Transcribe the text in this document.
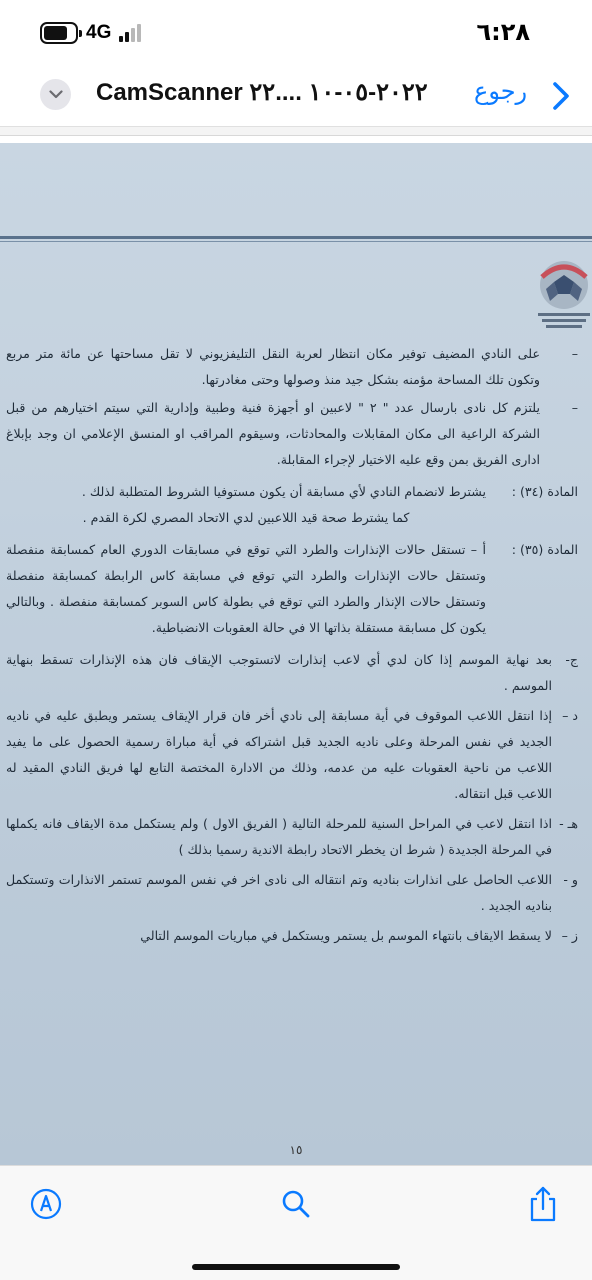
4G	٦:٢٨
CamScanner ٢٠٢٢-٠٥-١٠ ....٢٢ رجوع
–
على النادي المضيف توفير مكان انتظار لعربة النقل التليفزيوني لا تقل مساحتها عن مائة متر مربع وتكون تلك المساحة مؤمنه بشكل جيد منذ وصولها وحتى مغادرتها.
–
يلتزم كل نادى بارسال عدد " ٢ " لاعبين او أجهزة فنية وطبية وإدارية التي سيتم اختيارهم من قبل الشركة الراعية الى مكان المقابلات والمحادثات، وسيقوم المراقب او المنسق الإعلامي ان وجد بإبلاغ ادارى الفريق بمن وقع عليه الاختيار لإجراء المقابلة.
المادة (٣٤) :
يشترط لانضمام النادي لأي مسابقة أن يكون مستوفيا الشروط المتطلبة لذلك .
كما يشترط صحة قيد اللاعبين لدي الاتحاد المصري لكرة القدم .
المادة (٣٥) :
أ – تستقل حالات الإنذارات والطرد التي توقع في مسابقات الدوري العام كمسابقة منفصلة وتستقل حالات الإنذارات والطرد التي توقع في مسابقة كاس الرابطة كمسابقة منفصلة وتستقل حالات الإنذار والطرد التي توقع في بطولة كاس السوبر كمسابقة منفصلة . وبالتالي يكون كل مسابقة مستقلة بذاتها الا في حالة العقوبات الانضباطية.
ج-
بعد نهاية الموسم إذا كان لدي أي لاعب إنذارات لاتستوجب الإيقاف فان هذه الإنذارات تسقط بنهاية الموسم .
د –
إذا انتقل اللاعب الموقوف في أية مسابقة إلى نادي أخر فان قرار الإيقاف يستمر ويطبق عليه في ناديه الجديد في نفس المرحلة وعلى ناديه الجديد قبل اشتراكه في أية مباراة رسمية الحصول على ما يفيد اللاعب من ناحية العقوبات عليه من عدمه، وذلك من الادارة المختصة التابع لها فريق النادي المقيد له اللاعب قبل انتقاله.
هـ -
اذا انتقل لاعب في المراحل السنية للمرحلة التالية ( الفريق الاول ) ولم يستكمل مدة الايقاف فانه يكملها في المرحلة الجديدة ( شرط ان يخطر الاتحاد رابطة الاندية رسميا بذلك )
و -
اللاعب الحاصل على انذارات بناديه وتم انتقاله الى نادى اخر في نفس الموسم تستمر الانذارات وتستكمل بناديه الجديد .
ز –
لا يسقط الايقاف بانتهاء الموسم بل يستمر ويستكمل في مباريات الموسم التالي
١٥
